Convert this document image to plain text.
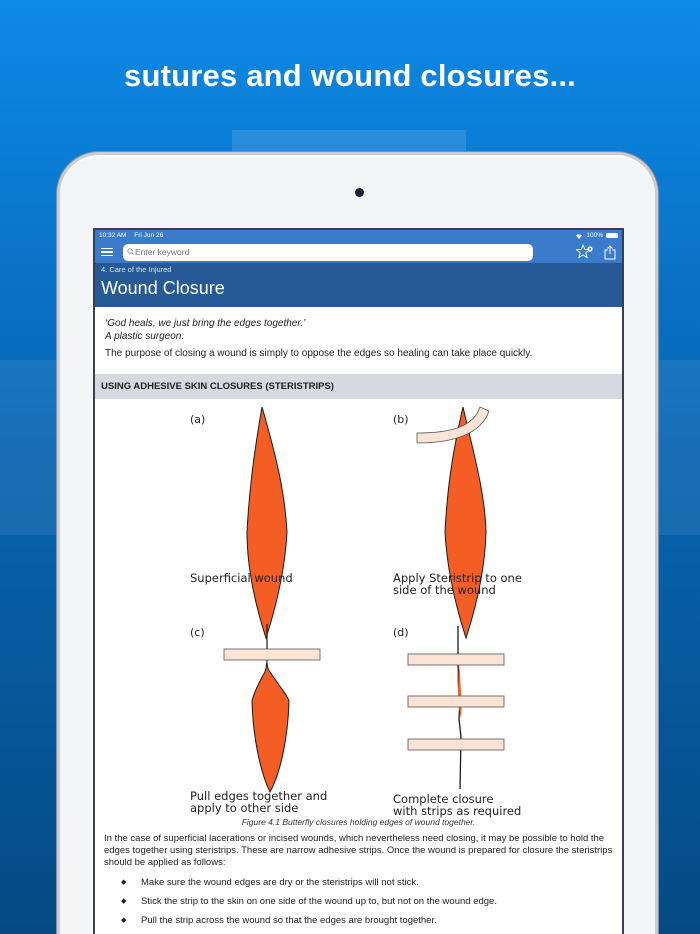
sutures and wound closures...
10:32 AM Fri Jun 26	100%
Enter keyword
4. Care of the Injured
Wound Closure
‘God heals, we just bring the edges together.’
A plastic surgeon.
The purpose of closing a wound is simply to oppose the edges so healing can take place quickly.
USING ADHESIVE SKIN CLOSURES (STERISTRIPS)
(a)
Superficial wound
(b)
Apply Steristrip to one
side of the wound
(c)
Pull edges together and
apply to other side
(d)
Complete closure
with strips as required
Figure 4.1 Butterfly closures holding edges of wound together.
In the case of superficial lacerations or incised wounds, which nevertheless need closing, it may be possible to hold the edges together using steristrips. These are narrow adhesive strips. Once the wound is prepared for closure the steristrips should be applied as follows:
◆	Make sure the wound edges are dry or the steristrips will not stick.
◆	Stick the strip to the skin on one side of the wound up to, but not on the wound edge.
◆	Pull the strip across the wound so that the edges are brought together.
